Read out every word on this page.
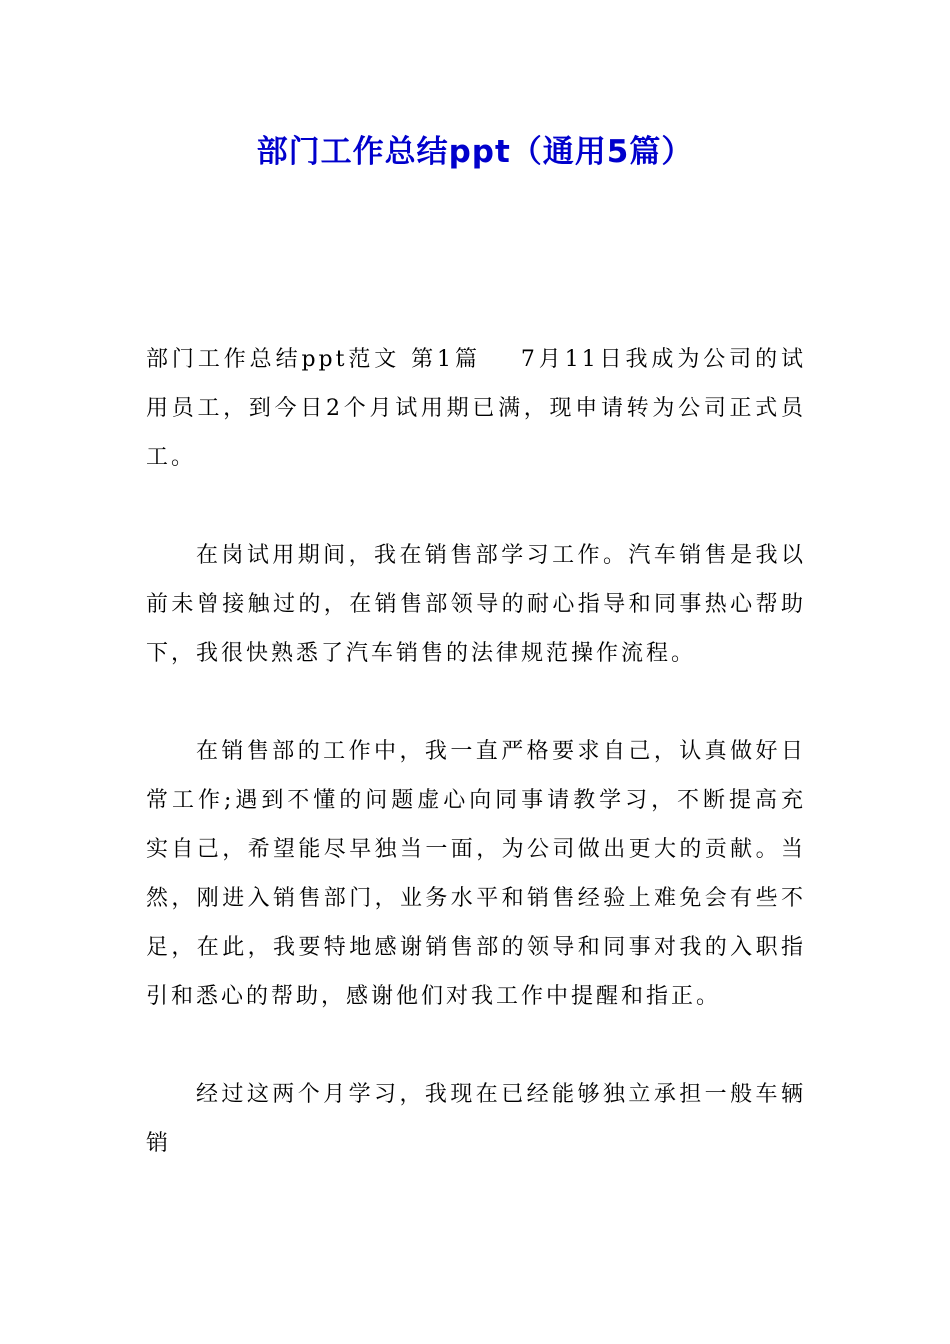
部门工作总结ppt（通用5篇）

部门工作总结ppt范文 第1篇 7月11日我成为公司的试用员工，到今日2个月试用期已满，现申请转为公司正式员工。

在岗试用期间，我在销售部学习工作。汽车销售是我以前未曾接触过的，在销售部领导的耐心指导和同事热心帮助下，我很快熟悉了汽车销售的法律规范操作流程。

在销售部的工作中，我一直严格要求自己，认真做好日常工作;遇到不懂的问题虚心向同事请教学习，不断提高充实自己，希望能尽早独当一面，为公司做出更大的贡献。当然，刚进入销售部门，业务水平和销售经验上难免会有些不足，在此，我要特地感谢销售部的领导和同事对我的入职指引和悉心的帮助，感谢他们对我工作中提醒和指正。

经过这两个月学习，我现在已经能够独立承担一般车辆销
